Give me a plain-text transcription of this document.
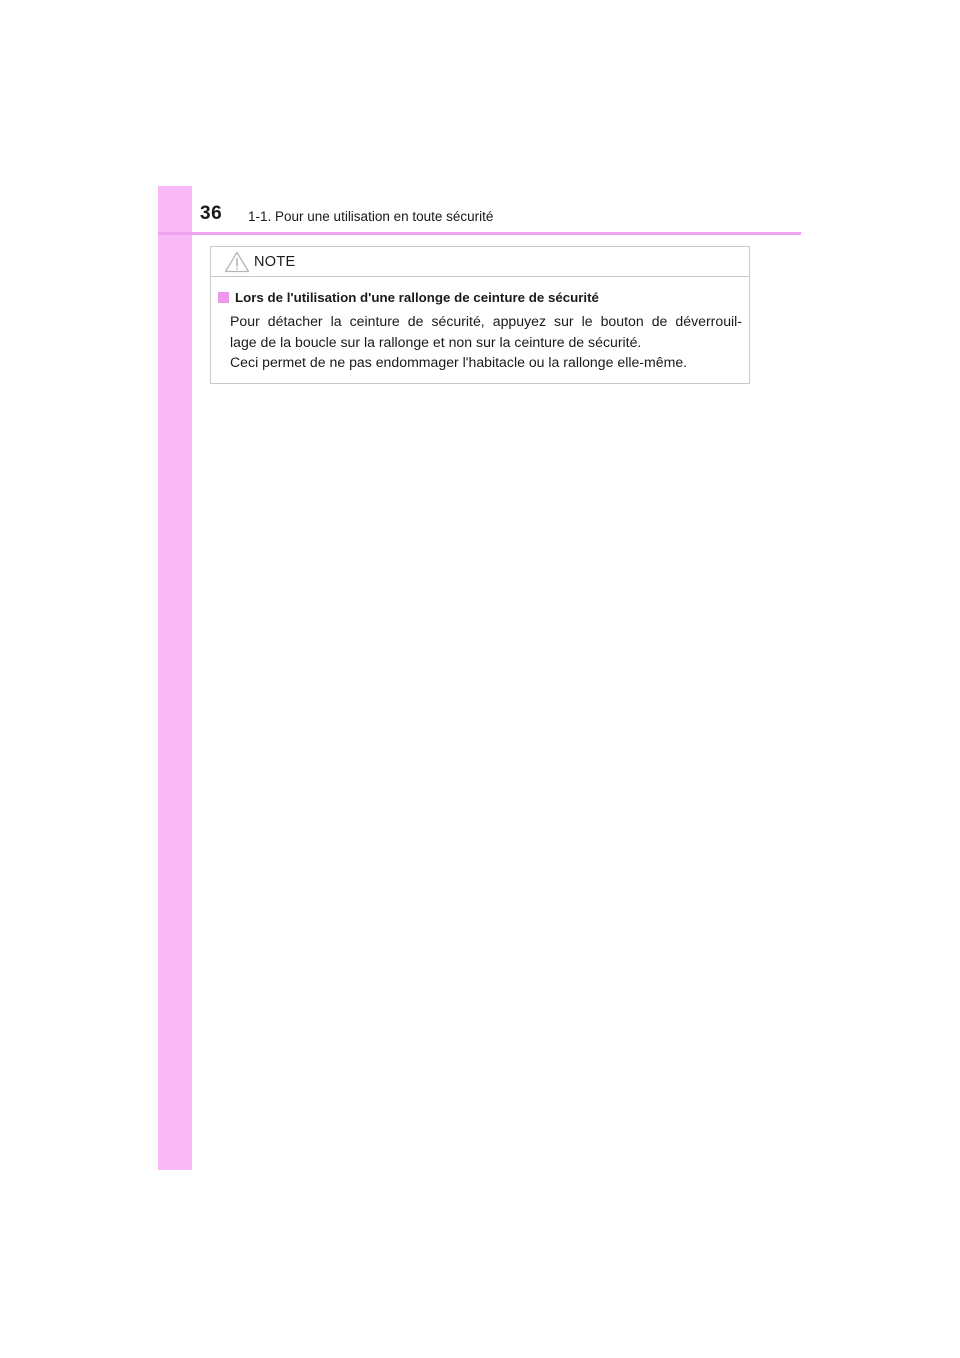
36 1-1. Pour une utilisation en toute sécurité
NOTE
Lors de l'utilisation d'une rallonge de ceinture de sécurité
Pour détacher la ceinture de sécurité, appuyez sur le bouton de déverrouil-
lage de la boucle sur la rallonge et non sur la ceinture de sécurité.
Ceci permet de ne pas endommager l'habitacle ou la rallonge elle-même.
